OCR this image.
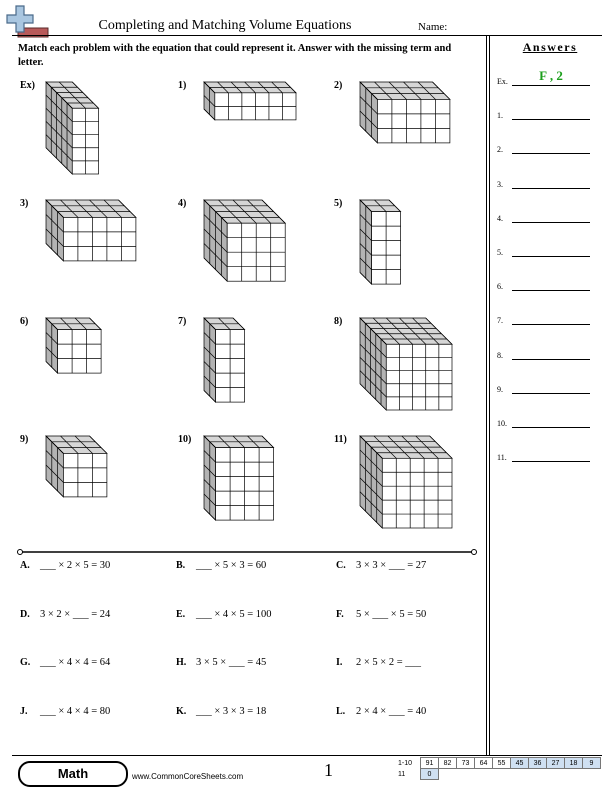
Completing and Matching Volume Equations	Name:
Match each problem with the equation that could represent it. Answer with the missing term and letter.
Answers
Ex.	F , 2
1.
2.
3.
4.
5.
6.
7.
8.
9.
10.
11.
Ex)	1)	2)
3)	4)	5)
6)	7)	8)
9)	10)	11)
A. ___ × 2 × 5 = 30	B. ___ × 5 × 3 = 60	C. 3 × 3 × ___ = 27
D. 3 × 2 × ___ = 24	E. ___ × 4 × 5 = 100	F. 5 × ___ × 5 = 50
G. ___ × 4 × 4 = 64	H. 3 × 5 × ___ = 45	I. 2 × 5 × 2 = ___
J. ___ × 4 × 4 = 80	K. ___ × 3 × 3 = 18	L. 2 × 4 × ___ = 40
Math	www.CommonCoreSheets.com	1	1-10	91	82	73	64	55	45	36	27	18	9
11	0									
